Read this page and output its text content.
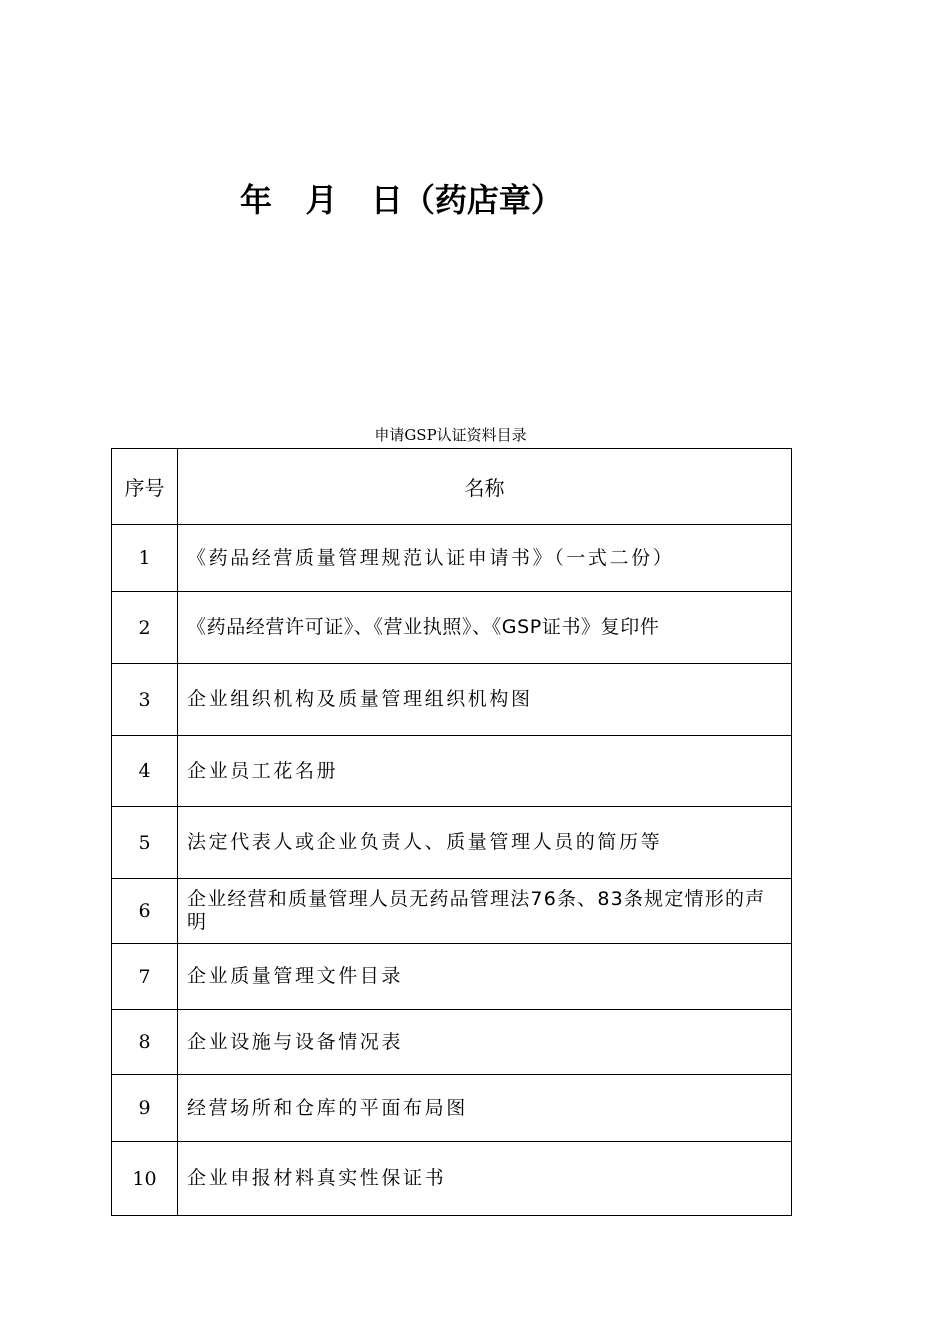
年 月 日（药店章）
申请GSP认证资料目录
序号	名称
1	《药品经营质量管理规范认证申请书》（一式二份）
2	《药品经营许可证》、《营业执照》、《GSP证书》复印件
3	企业组织机构及质量管理组织机构图
4	企业员工花名册
5	法定代表人或企业负责人、质量管理人员的简历等
6	企业经营和质量管理人员无药品管理法76条、83条规定情形的声明
7	企业质量管理文件目录
8	企业设施与设备情况表
9	经营场所和仓库的平面布局图
10	企业申报材料真实性保证书
